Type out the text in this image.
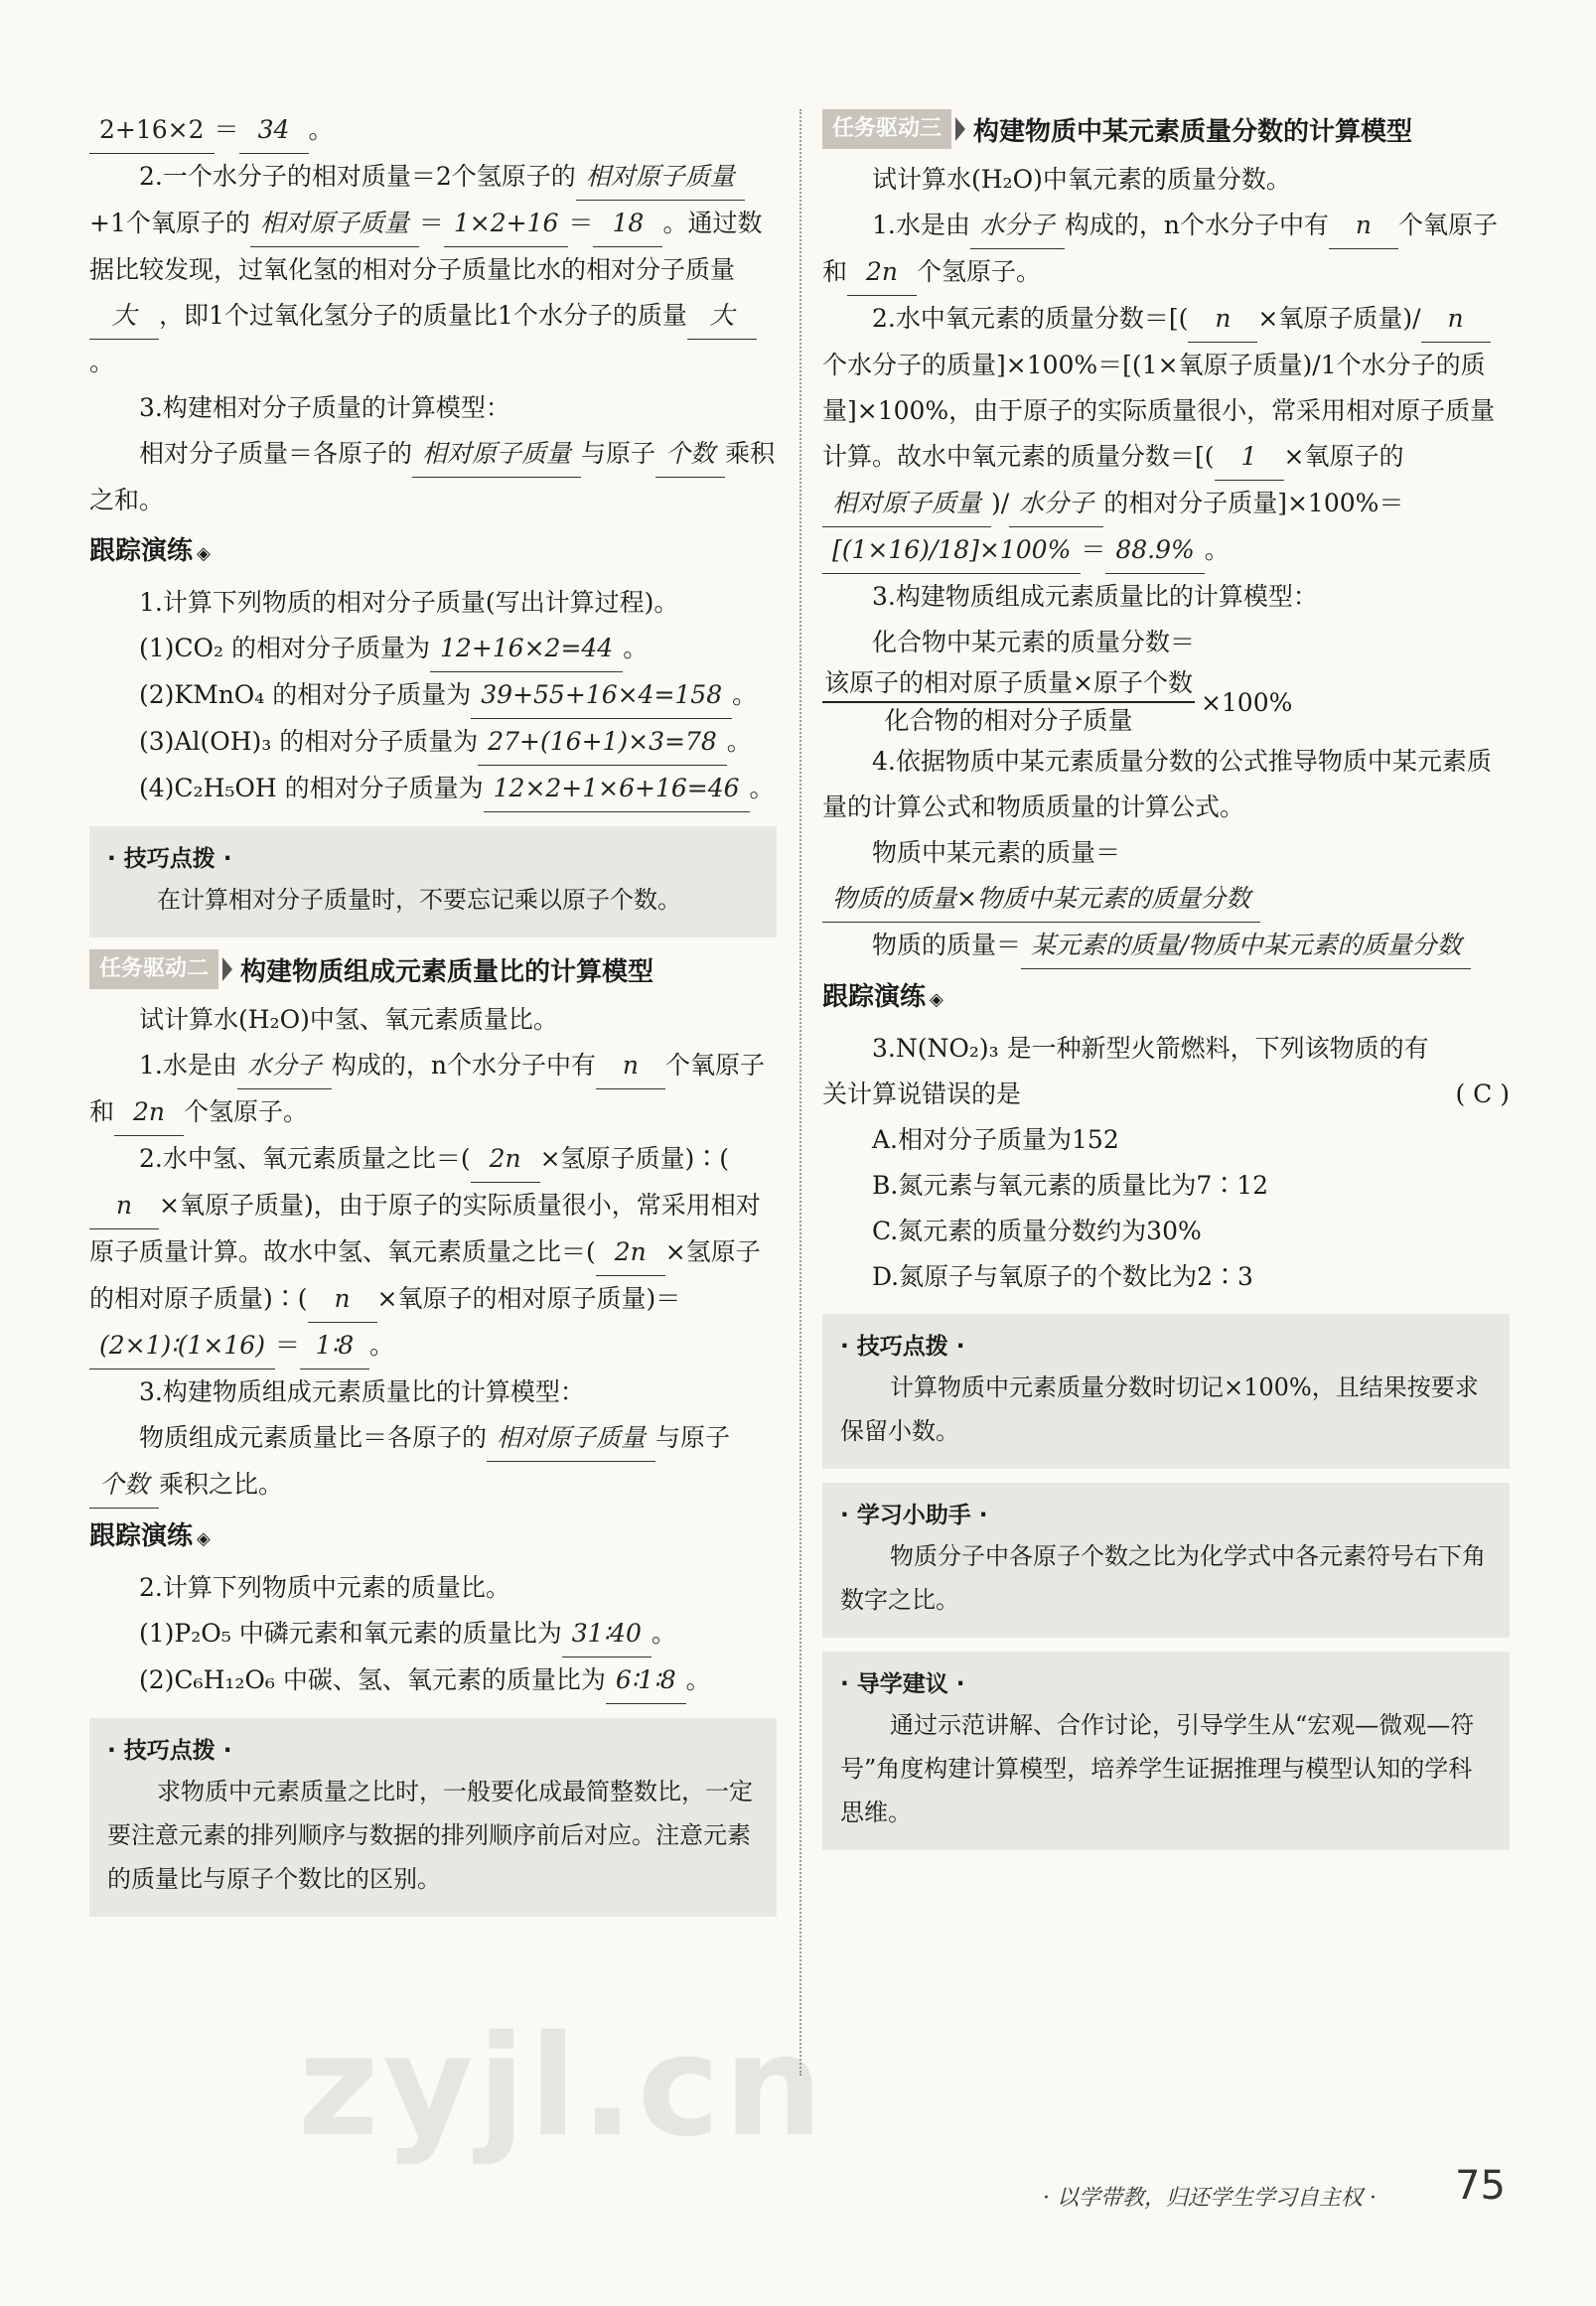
2+16×2 ＝ 34 。

2.一个水分子的相对质量＝2个氢原子的 相对原子质量+1个氧原子的 相对原子质量 ＝ 1×2+16 ＝ 18 。通过数据比较发现，过氧化氢的相对分子质量比水的相对分子质量大 ，即1个过氧化氢分子的质量比1个水分子的质量 大。

3.构建相对分子质量的计算模型：

相对分子质量＝各原子的 相对原子质量 与原子 个数 乘积之和。

跟踪演练 ◈

1.计算下列物质的相对分子质量(写出计算过程)。

(1)CO₂ 的相对分子质量为 12+16×2=44 。

(2)KMnO₄ 的相对分子质量为 39+55+16×4=158 。

(3)Al(OH)₃ 的相对分子质量为 27+(16+1)×3=78 。

(4)C₂H₅OH 的相对分子质量为 12×2+1×6+16=46 。

· 技巧点拨 ·
在计算相对分子质量时，不要忘记乘以原子个数。
任务驱动二	构建物质组成元素质量比的计算模型

试计算水(H₂O)中氢、氧元素质量比。

1.水是由 水分子 构成的，n个水分子中有 n 个氧原子和 2n 个氢原子。

2.水中氢、氧元素质量之比＝( 2n ×氢原子质量)∶(n ×氧原子质量)，由于原子的实际质量很小，常采用相对原子质量计算。故水中氢、氧元素质量之比＝( 2n ×氢原子的相对原子质量)∶( n ×氧原子的相对原子质量)＝(2×1)∶(1×16) ＝ 1∶8 。

3.构建物质组成元素质量比的计算模型：

物质组成元素质量比＝各原子的 相对原子质量 与原子个数 乘积之比。

跟踪演练 ◈

2.计算下列物质中元素的质量比。

(1)P₂O₅ 中磷元素和氧元素的质量比为 31∶40 。

(2)C₆H₁₂O₆ 中碳、氢、氧元素的质量比为 6∶1∶8 。

· 技巧点拨 ·
求物质中元素质量之比时，一般要化成最简整数比，一定要注意元素的排列顺序与数据的排列顺序前后对应。注意元素的质量比与原子个数比的区别。
任务驱动三	构建物质中某元素质量分数的计算模型

试计算水(H₂O)中氧元素的质量分数。

1.水是由 水分子 构成的，n个水分子中有 n 个氧原子和 2n 个氢原子。

2.水中氧元素的质量分数＝[( n ×氧原子质量)/ n个水分子的质量]×100%＝[(1×氧原子质量)/1个水分子的质量]×100%，由于原子的实际质量很小，常采用相对原子质量计算。故水中氧元素的质量分数＝[( 1 ×氧原子的相对原子质量 )/ 水分子 的相对分子质量]×100%＝[(1×16)/18]×100% ＝ 88.9% 。

3.构建物质组成元素质量比的计算模型：

化合物中某元素的质量分数＝

$\frac{\text{该原子的相对原子质量×原子个数}}{\text{化合物的相对分子质量}} \times 100\%$

4.依据物质中某元素质量分数的公式推导物质中某元素质量的计算公式和物质质量的计算公式。

物质中某元素的质量＝物质的质量×物质中某元素的质量分数

物质的质量＝ 某元素的质量/物质中某元素的质量分数

跟踪演练 ◈

3.N(NO₂)₃ 是一种新型火箭燃料，下列该物质的有关计算说错误的是	( C )

A.相对分子质量为152

B.氮元素与氧元素的质量比为7∶12

C.氮元素的质量分数约为30%

D.氮原子与氧原子的个数比为2∶3

· 技巧点拨 ·
计算物质中元素质量分数时切记×100%，且结果按要求保留小数。
· 学习小助手 ·
物质分子中各原子个数之比为化学式中各元素符号右下角数字之比。
· 导学建议 ·
通过示范讲解、合作讨论，引导学生从“宏观—微观—符号”角度构建计算模型，培养学生证据推理与模型认知的学科思维。
zyjl.cn
· 以学带教，归还学生学习自主权 · 75
